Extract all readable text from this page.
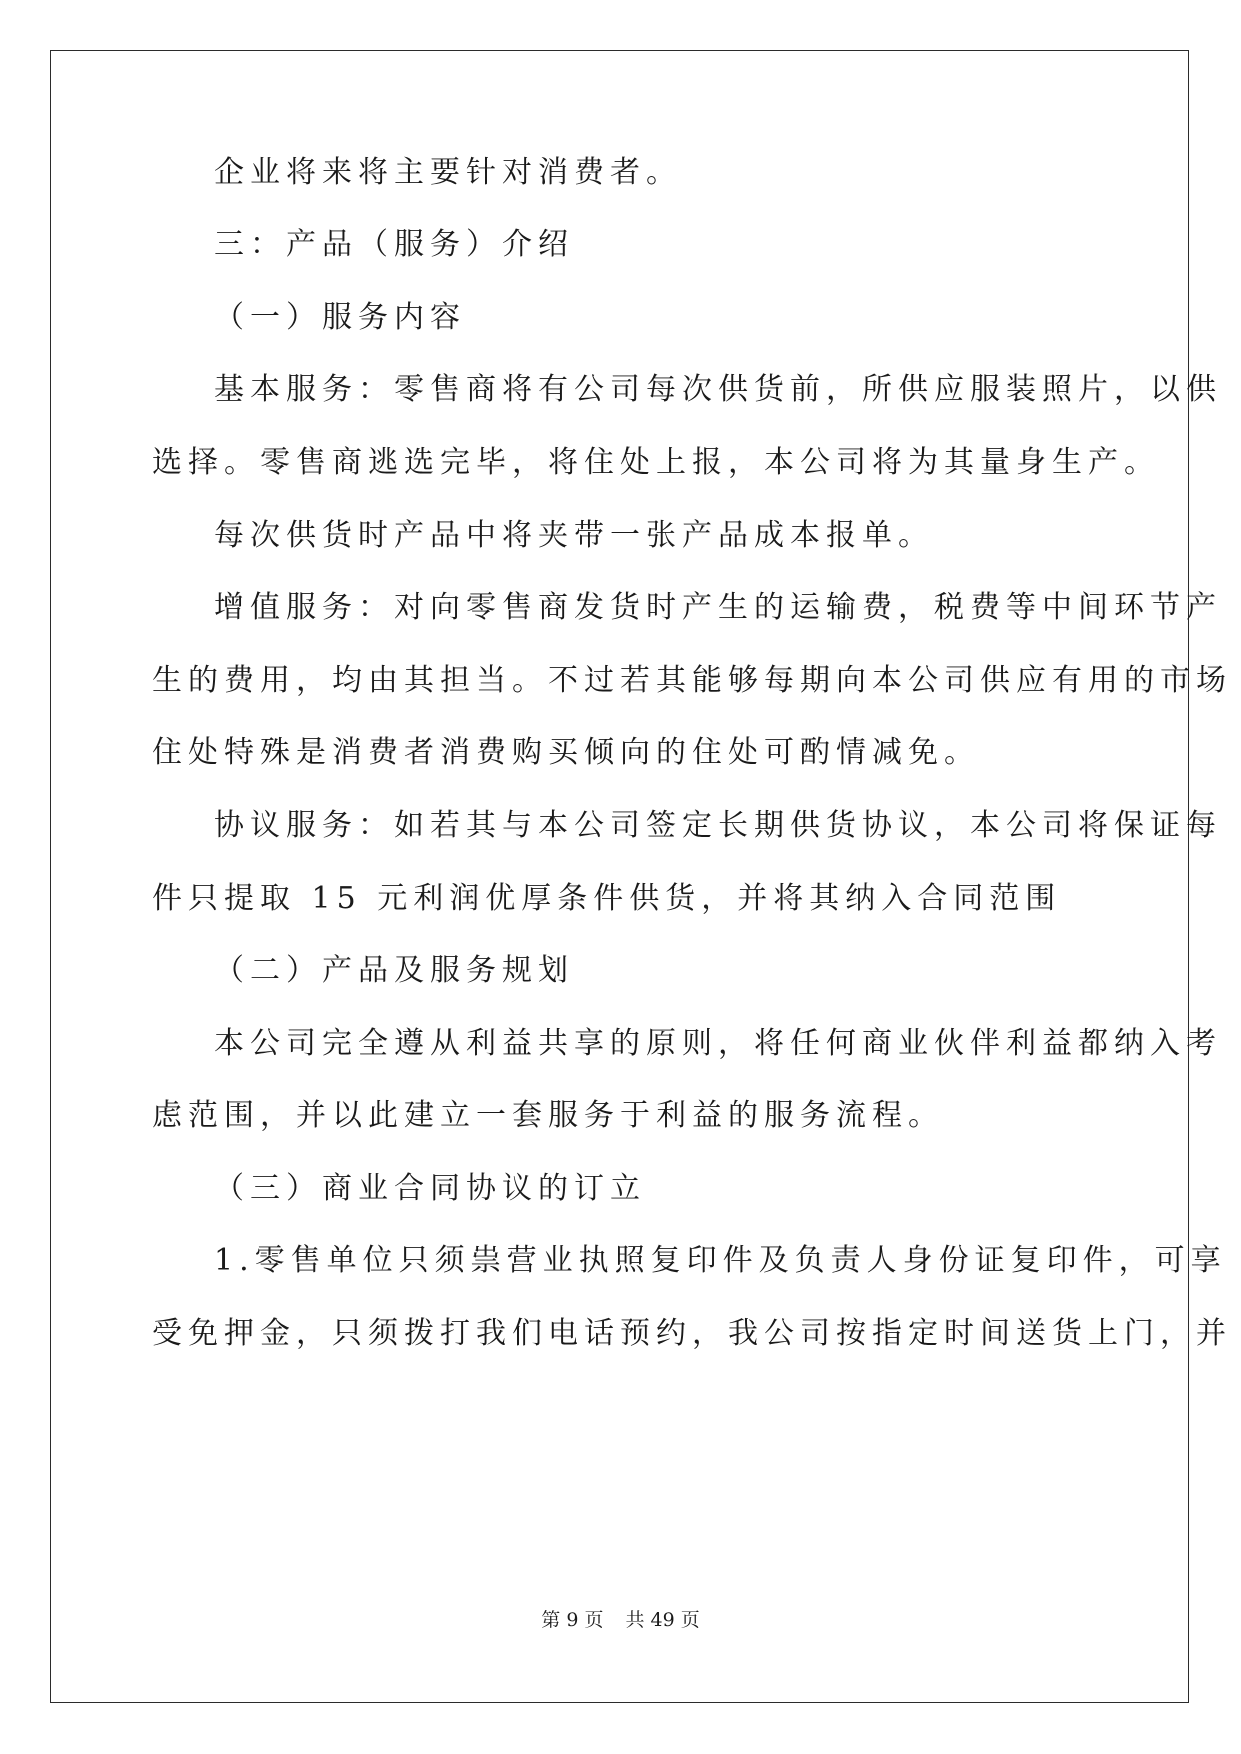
企业将来将主要针对消费者。
三：产品（服务）介绍
（一）服务内容
基本服务：零售商将有公司每次供货前，所供应服装照片，以供
选择。零售商逃选完毕，将住处上报，本公司将为其量身生产。
每次供货时产品中将夹带一张产品成本报单。
增值服务：对向零售商发货时产生的运输费，税费等中间环节产
生的费用，均由其担当。不过若其能够每期向本公司供应有用的市场
住处特殊是消费者消费购买倾向的住处可酌情减免。
协议服务：如若其与本公司签定长期供货协议，本公司将保证每
件只提取 15 元利润优厚条件供货，并将其纳入合同范围
（二）产品及服务规划
本公司完全遵从利益共享的原则，将任何商业伙伴利益都纳入考
虑范围，并以此建立一套服务于利益的服务流程。
（三）商业合同协议的订立
1.零售单位只须祟营业执照复印件及负责人身份证复印件，可享
受免押金，只须拨打我们电话预约，我公司按指定时间送货上门，并
第 9 页 共 49 页
